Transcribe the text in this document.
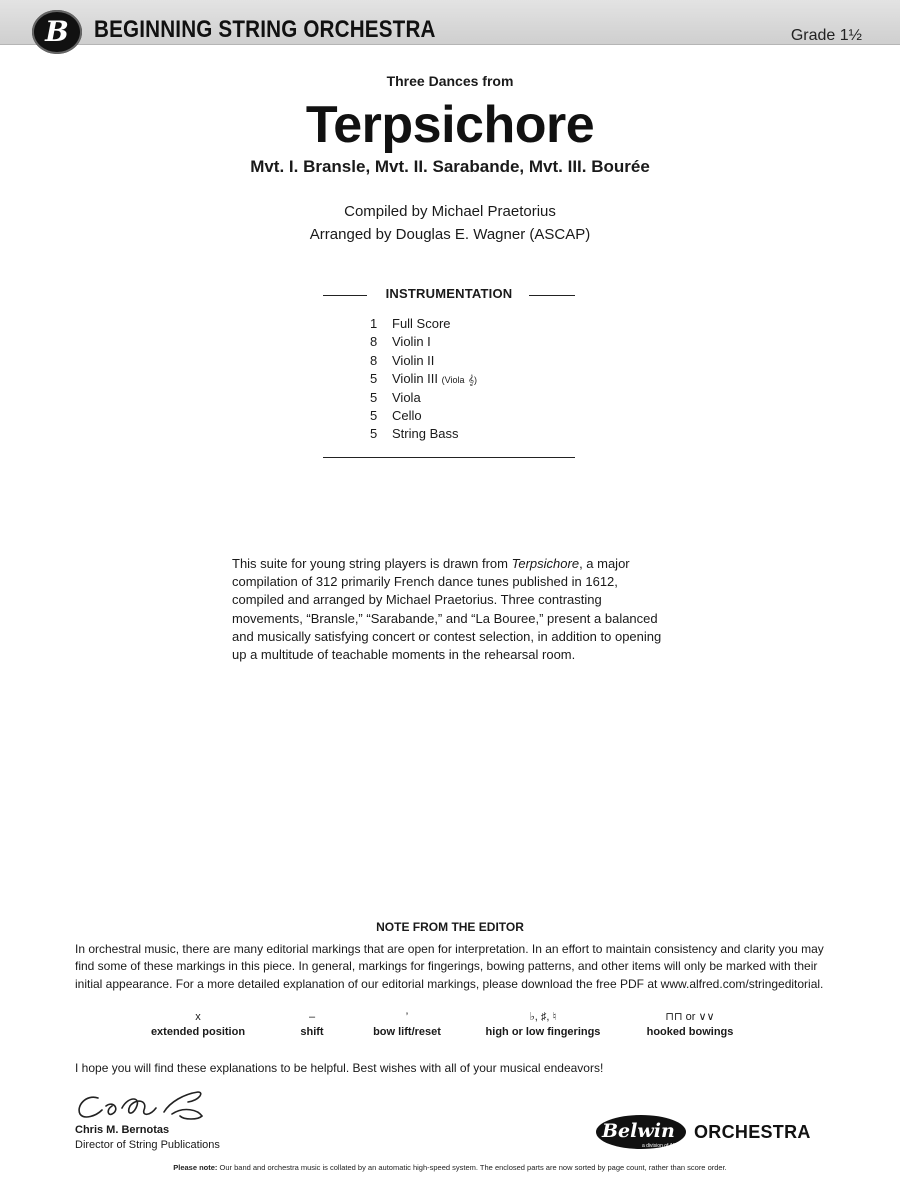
B	BEGINNING STRING ORCHESTRA	Grade 1½
Three Dances from
Terpsichore
Mvt. I. Bransle, Mvt. II. Sarabande, Mvt. III. Bourée
Compiled by Michael Praetorius
Arranged by Douglas E. Wagner (ASCAP)
INSTRUMENTATION
1 Full Score
8 Violin I
8 Violin II
5 Violin III (Viola 𝄞)
5 Viola
5 Cello
5 String Bass
This suite for young string players is drawn from Terpsichore, a major compilation of 312 primarily French dance tunes published in 1612, compiled and arranged by Michael Praetorius. Three contrasting movements, “Bransle,” “Sarabande,” and “La Bouree,” present a balanced and musically satisfying concert or contest selection, in addition to opening up a multitude of teachable moments in the rehearsal room.
NOTE FROM THE EDITOR
In orchestral music, there are many editorial markings that are open for interpretation. In an effort to maintain consistency and clarity you may find some of these markings in this piece. In general, markings for fingerings, bowing patterns, and other items will only be marked with their initial appearance. For a more detailed explanation of our editorial markings, please download the free PDF at www.alfred.com/stringeditorial.
x
extended position
–
shift
’
bow lift/reset
♭, ♯, ♮
high or low fingerings
⊓⊓ or ∨∨
hooked bowings
I hope you will find these explanations to be helpful. Best wishes with all of your musical endeavors!
Chris M. Bernotas
Director of String Publications
Belwin
a division of Alfred
ORCHESTRA
Please note: Our band and orchestra music is collated by an automatic high-speed system. The enclosed parts are now sorted by page count, rather than score order.
